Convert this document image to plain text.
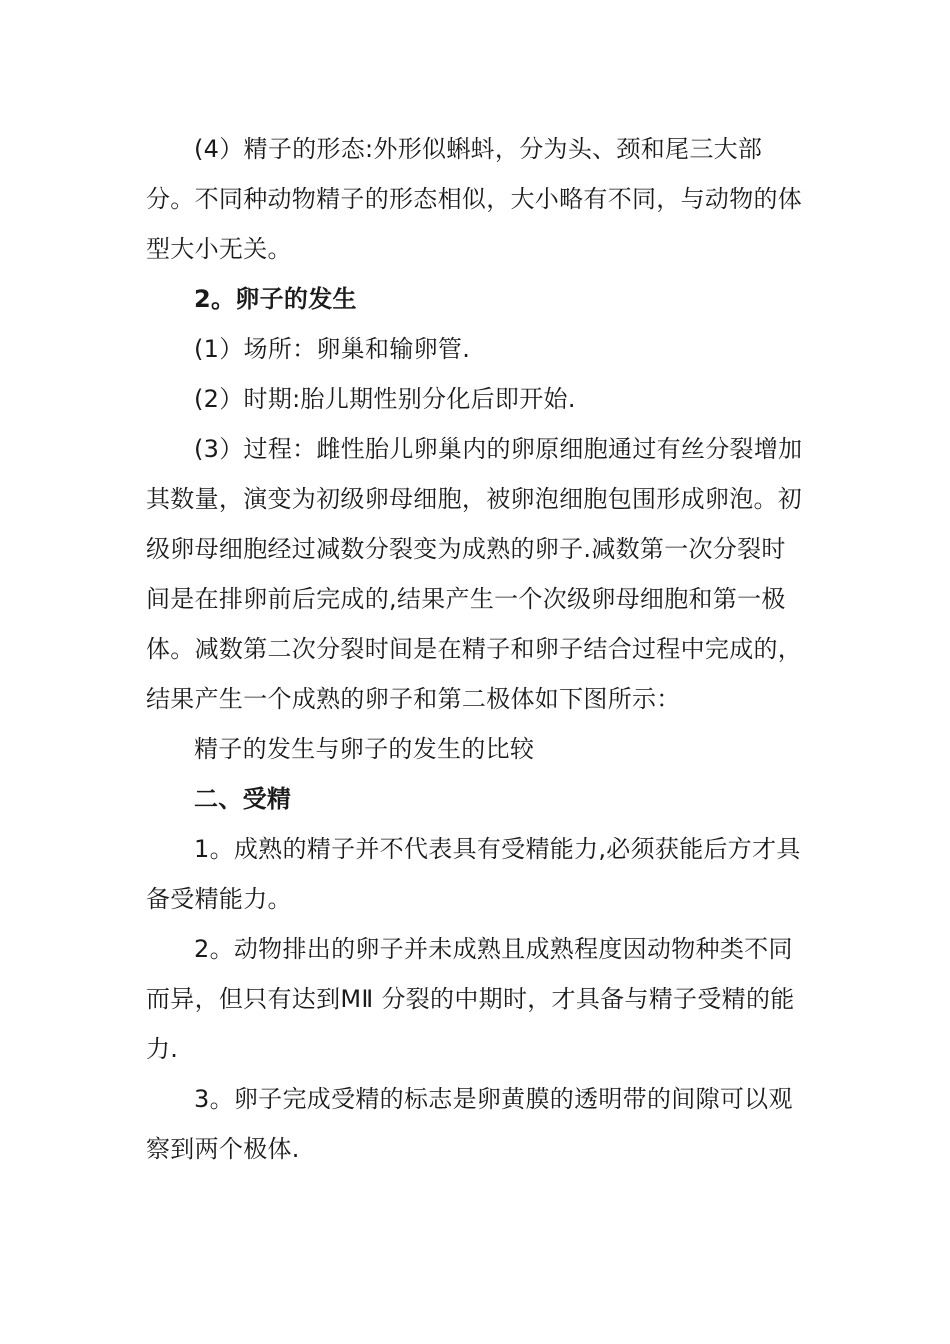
(4）精子的形态:外形似蝌蚪，分为头、颈和尾三大部分。不同种动物精子的形态相似，大小略有不同，与动物的体型大小无关。

2。卵子的发生

(1）场所：卵巢和输卵管.

(2）时期:胎儿期性别分化后即开始.

(3）过程：雌性胎儿卵巢内的卵原细胞通过有丝分裂增加其数量，演变为初级卵母细胞，被卵泡细胞包围形成卵泡。初级卵母细胞经过减数分裂变为成熟的卵子.减数第一次分裂时间是在排卵前后完成的,结果产生一个次级卵母细胞和第一极体。减数第二次分裂时间是在精子和卵子结合过程中完成的，结果产生一个成熟的卵子和第二极体如下图所示：

精子的发生与卵子的发生的比较

二、受精

1。成熟的精子并不代表具有受精能力,必须获能后方才具备受精能力。

2。动物排出的卵子并未成熟且成熟程度因动物种类不同而异，但只有达到MⅡ 分裂的中期时，才具备与精子受精的能力.

3。卵子完成受精的标志是卵黄膜的透明带的间隙可以观察到两个极体.
